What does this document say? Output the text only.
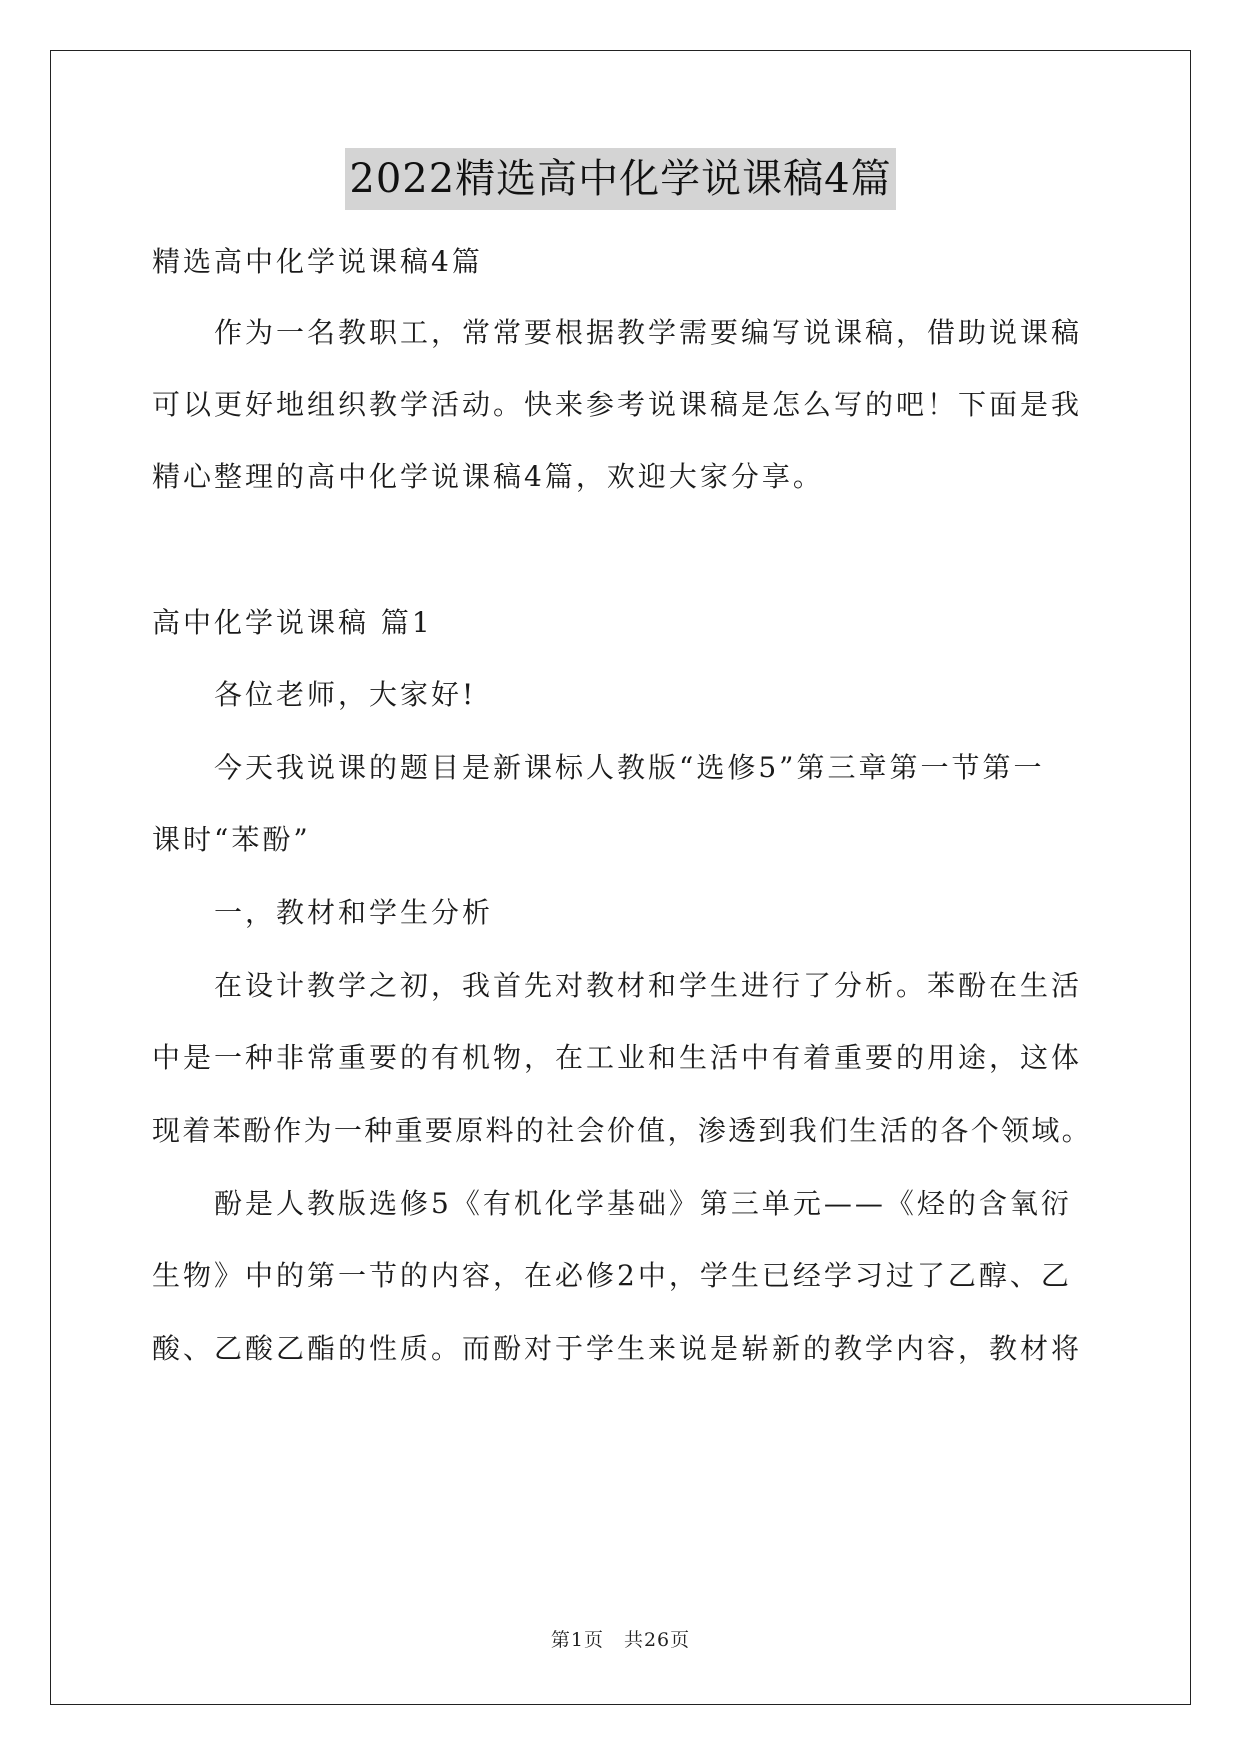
2022精选高中化学说课稿4篇
精选高中化学说课稿4篇
作为一名教职工，常常要根据教学需要编写说课稿，借助说课稿
可以更好地组织教学活动。快来参考说课稿是怎么写的吧！下面是我
精心整理的高中化学说课稿4篇，欢迎大家分享。
高中化学说课稿 篇1
各位老师，大家好!
今天我说课的题目是新课标人教版“选修5”第三章第一节第一
课时“苯酚”
一，教材和学生分析
在设计教学之初，我首先对教材和学生进行了分析。苯酚在生活
中是一种非常重要的有机物，在工业和生活中有着重要的用途，这体
现着苯酚作为一种重要原料的社会价值，渗透到我们生活的各个领域。
酚是人教版选修5《有机化学基础》第三单元——《烃的含氧衍
生物》中的第一节的内容，在必修2中，学生已经学习过了乙醇、乙
酸、乙酸乙酯的性质。而酚对于学生来说是崭新的教学内容，教材将
第1页　共26页
